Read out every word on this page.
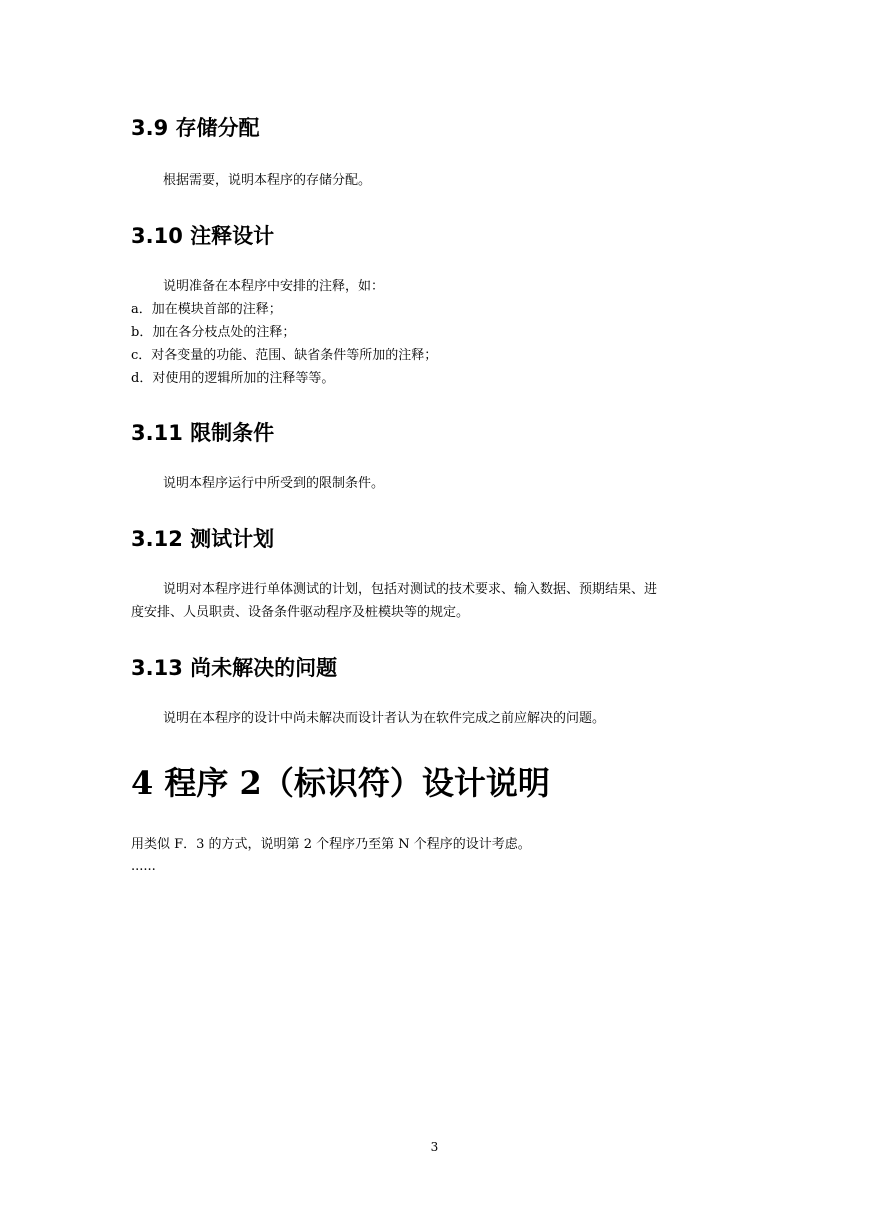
3.9 存储分配

根据需要，说明本程序的存储分配。

3.10 注释设计

说明准备在本程序中安排的注释，如：

a．加在模块首部的注释；

b．加在各分枝点处的注释；

c．对各变量的功能、范围、缺省条件等所加的注释；

d．对使用的逻辑所加的注释等等。

3.11 限制条件

说明本程序运行中所受到的限制条件。

3.12 测试计划

说明对本程序进行单体测试的计划，包括对测试的技术要求、输入数据、预期结果、进

度安排、人员职责、设备条件驱动程序及桩模块等的规定。

3.13 尚未解决的问题

说明在本程序的设计中尚未解决而设计者认为在软件完成之前应解决的问题。

4 程序 2（标识符）设计说明

用类似 F．3 的方式，说明第 2 个程序乃至第 N 个程序的设计考虑。

......

3
